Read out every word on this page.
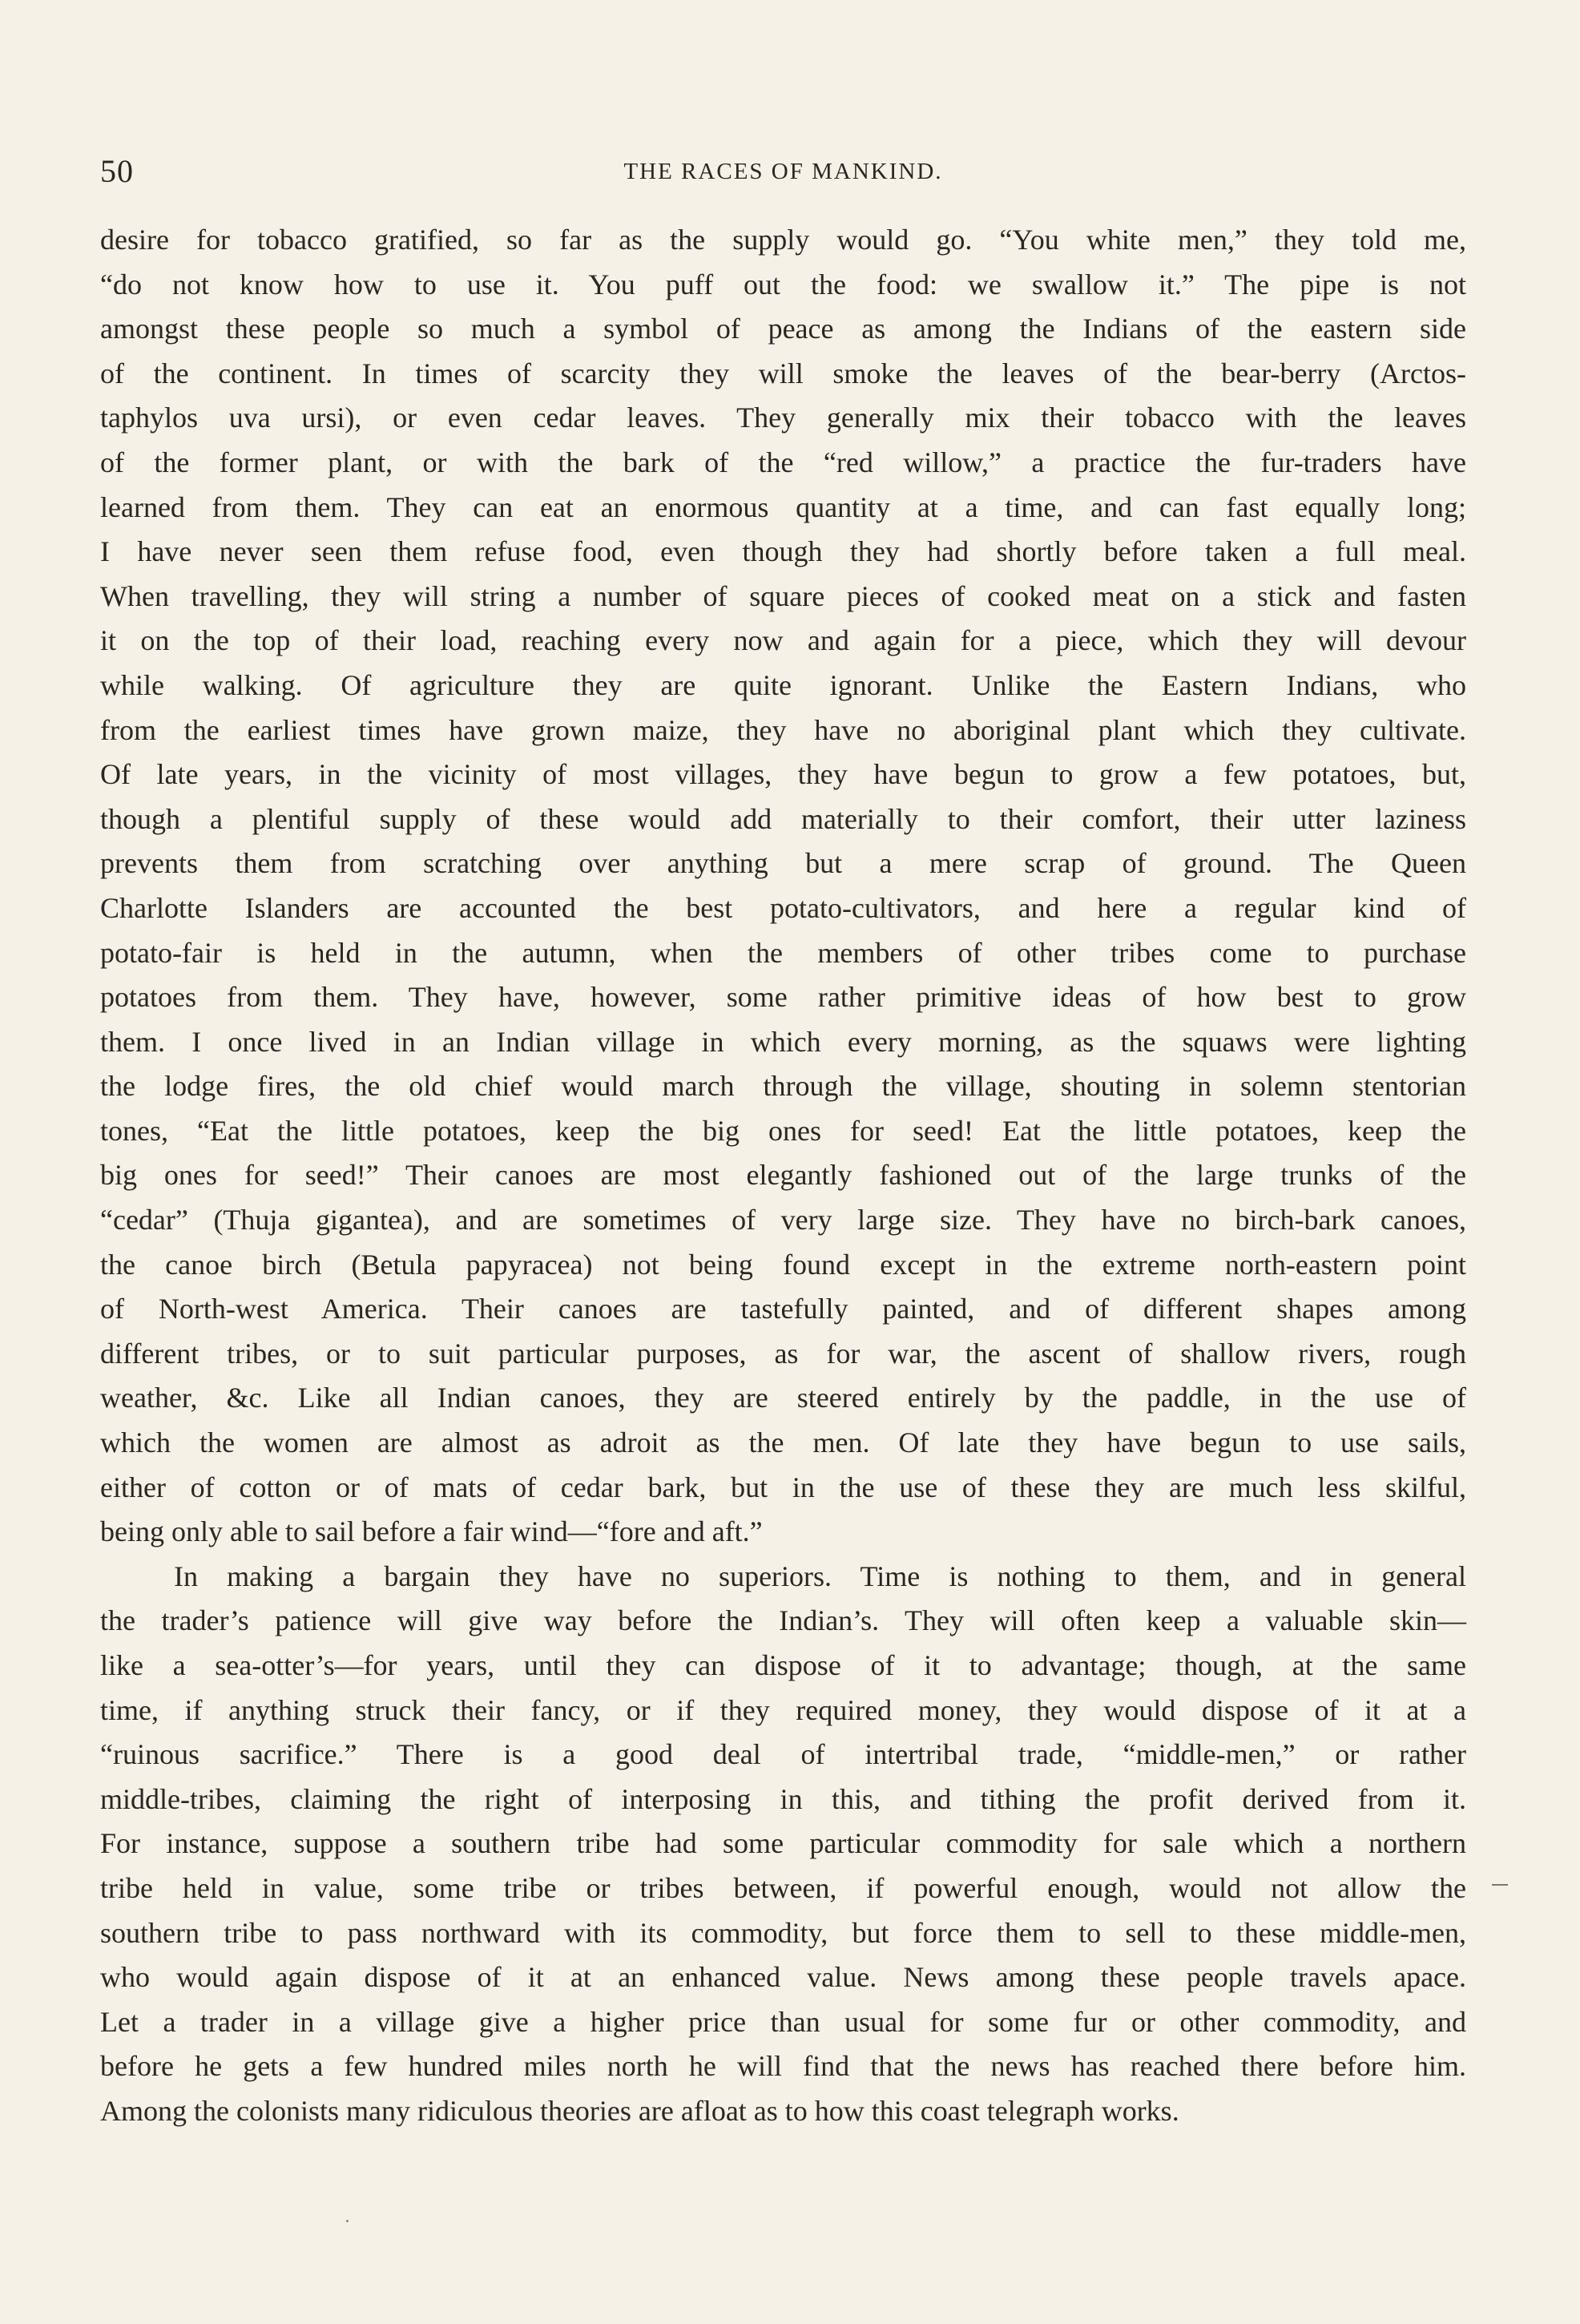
50	THE RACES OF MANKIND.
desire for tobacco gratified, so far as the supply would go. “You white men,” they told me,
“do not know how to use it. You puff out the food: we swallow it.” The pipe is not
amongst these people so much a symbol of peace as among the Indians of the eastern side
of the continent. In times of scarcity they will smoke the leaves of the bear-berry (Arctos-
taphylos uva ursi), or even cedar leaves. They generally mix their tobacco with the leaves
of the former plant, or with the bark of the “red willow,” a practice the fur-traders have
learned from them. They can eat an enormous quantity at a time, and can fast equally long;
I have never seen them refuse food, even though they had shortly before taken a full meal.
When travelling, they will string a number of square pieces of cooked meat on a stick and fasten
it on the top of their load, reaching every now and again for a piece, which they will devour
while walking. Of agriculture they are quite ignorant. Unlike the Eastern Indians, who
from the earliest times have grown maize, they have no aboriginal plant which they cultivate.
Of late years, in the vicinity of most villages, they have begun to grow a few potatoes, but,
though a plentiful supply of these would add materially to their comfort, their utter laziness
prevents them from scratching over anything but a mere scrap of ground. The Queen
Charlotte Islanders are accounted the best potato-cultivators, and here a regular kind of
potato-fair is held in the autumn, when the members of other tribes come to purchase
potatoes from them. They have, however, some rather primitive ideas of how best to grow
them. I once lived in an Indian village in which every morning, as the squaws were lighting
the lodge fires, the old chief would march through the village, shouting in solemn stentorian
tones, “Eat the little potatoes, keep the big ones for seed! Eat the little potatoes, keep the
big ones for seed!” Their canoes are most elegantly fashioned out of the large trunks of the
“cedar” (Thuja gigantea), and are sometimes of very large size. They have no birch-bark canoes,
the canoe birch (Betula papyracea) not being found except in the extreme north-eastern point
of North-west America. Their canoes are tastefully painted, and of different shapes among
different tribes, or to suit particular purposes, as for war, the ascent of shallow rivers, rough
weather, &c. Like all Indian canoes, they are steered entirely by the paddle, in the use of
which the women are almost as adroit as the men. Of late they have begun to use sails,
either of cotton or of mats of cedar bark, but in the use of these they are much less skilful,
being only able to sail before a fair wind—“fore and aft.”
In making a bargain they have no superiors. Time is nothing to them, and in general
the trader’s patience will give way before the Indian’s. They will often keep a valuable skin—
like a sea-otter’s—for years, until they can dispose of it to advantage; though, at the same
time, if anything struck their fancy, or if they required money, they would dispose of it at a
“ruinous sacrifice.” There is a good deal of intertribal trade, “middle-men,” or rather
middle-tribes, claiming the right of interposing in this, and tithing the profit derived from it.
For instance, suppose a southern tribe had some particular commodity for sale which a northern
tribe held in value, some tribe or tribes between, if powerful enough, would not allow the
southern tribe to pass northward with its commodity, but force them to sell to these middle-men,
who would again dispose of it at an enhanced value. News among these people travels apace.
Let a trader in a village give a higher price than usual for some fur or other commodity, and
before he gets a few hundred miles north he will find that the news has reached there before him.
Among the colonists many ridiculous theories are afloat as to how this coast telegraph works.
